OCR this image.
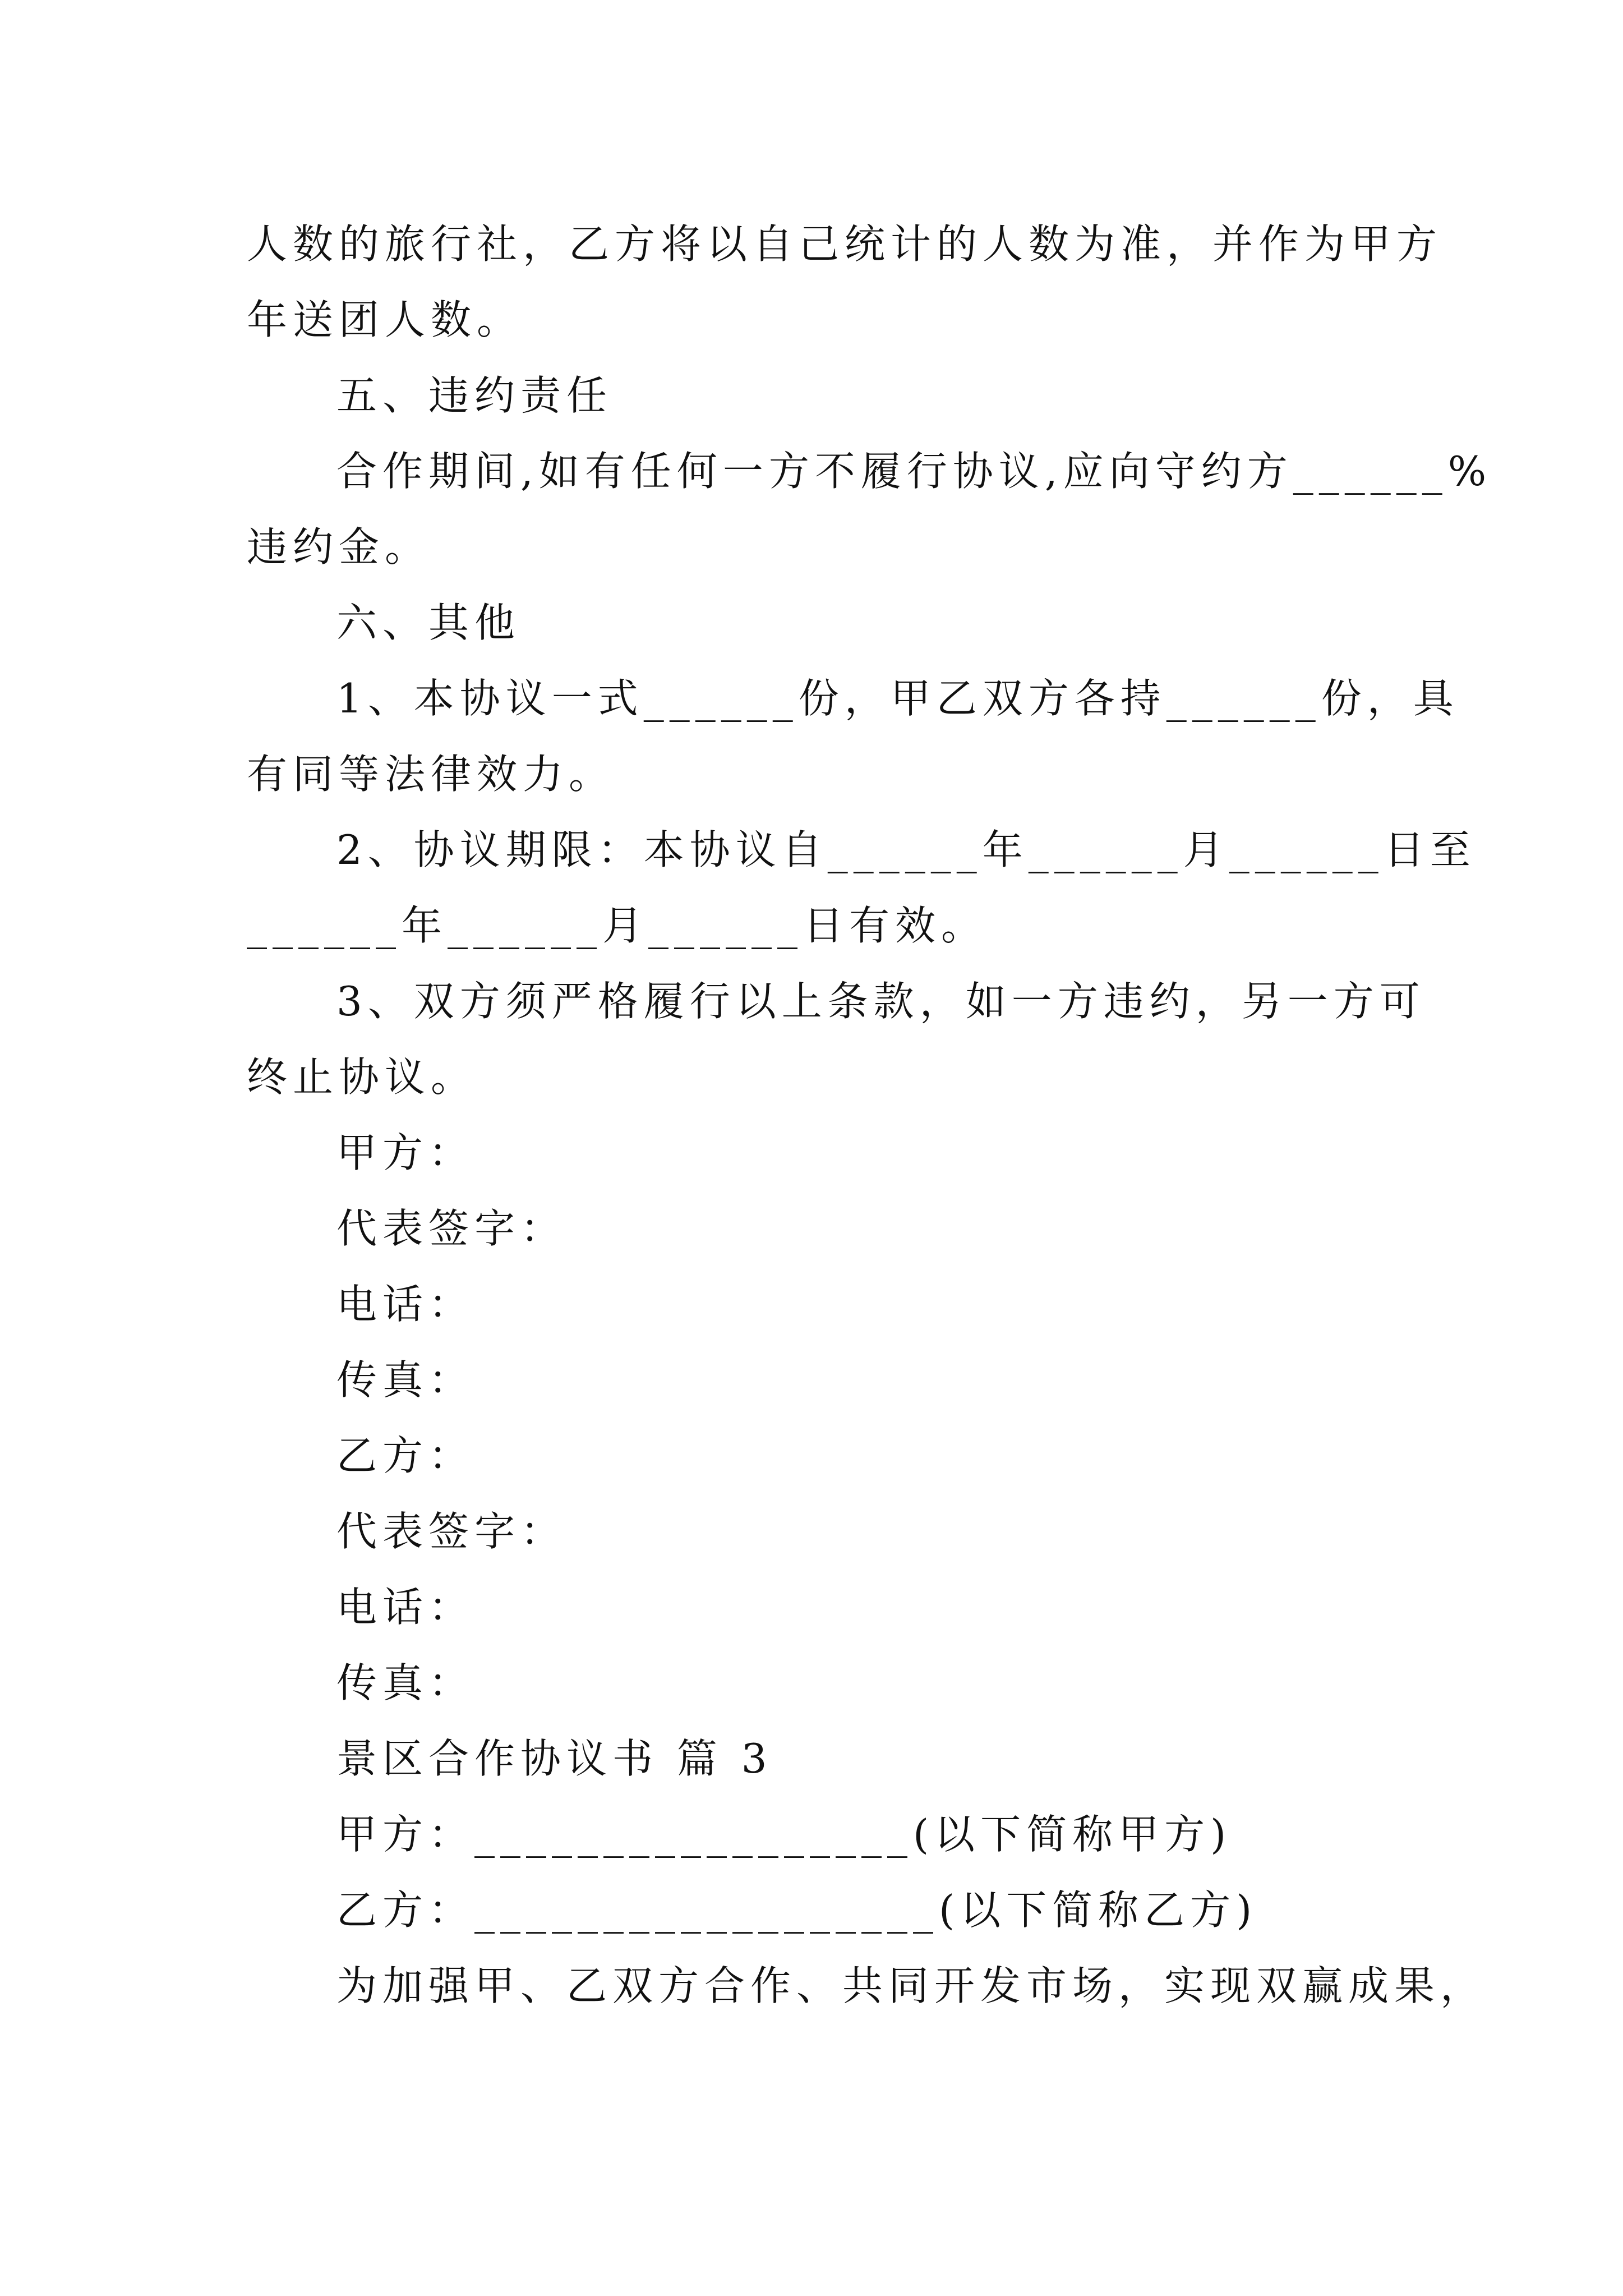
人数的旅行社，乙方将以自己统计的人数为准，并作为甲方
年送团人数。
五、违约责任
合作期间,如有任何一方不履行协议,应向守约方______%
违约金。
六、其他
1、本协议一式______份，甲乙双方各持______份，具
有同等法律效力。
2、协议期限：本协议自______年______月______日至
______年______月______日有效。
3、双方须严格履行以上条款，如一方违约，另一方可
终止协议。
甲方：
代表签字：
电话：
传真：
乙方：
代表签字：
电话：
传真：
景区合作协议书 篇 3
甲方：_________________(以下简称甲方)
乙方：__________________(以下简称乙方)
为加强甲、乙双方合作、共同开发市场，实现双赢成果，
